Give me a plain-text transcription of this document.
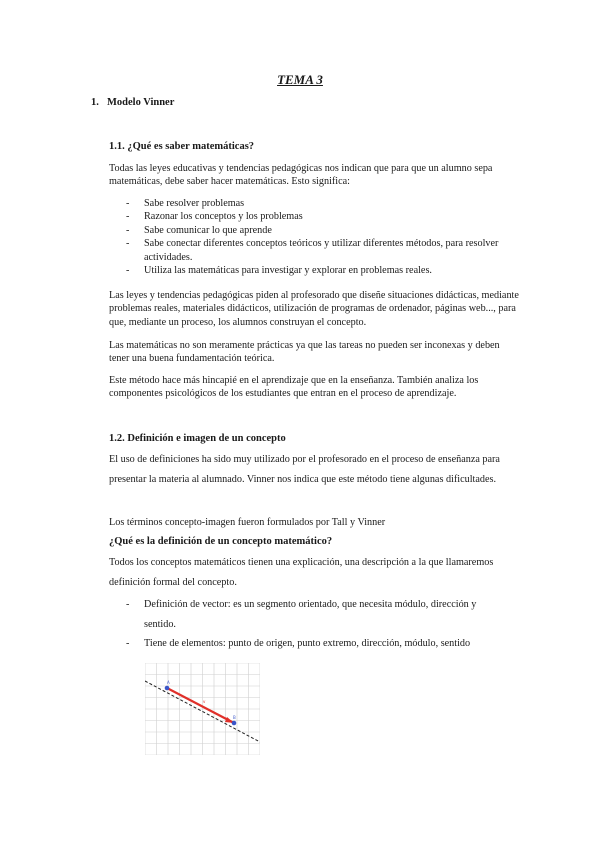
TEMA 3
1. Modelo Vinner
1.1. ¿Qué es saber matemáticas?

Todas las leyes educativas y tendencias pedagógicas nos indican que para que un alumno sepa matemáticas, debe saber hacer matemáticas. Esto significa:

- Sabe resolver problemas
- Razonar los conceptos y los problemas
- Sabe comunicar lo que aprende
- Sabe conectar diferentes conceptos teóricos y utilizar diferentes métodos, para resolver actividades.
- Utiliza las matemáticas para investigar y explorar en problemas reales.

Las leyes y tendencias pedagógicas piden al profesorado que diseñe situaciones didácticas, mediante problemas reales, materiales didácticos, utilización de programas de ordenador, páginas web..., para que, mediante un proceso, los alumnos construyan el concepto.

Las matemáticas no son meramente prácticas ya que las tareas no pueden ser inconexas y deben tener una buena fundamentación teórica.

Este método hace más hincapié en el aprendizaje que en la enseñanza. También analiza los componentes psicológicos de los estudiantes que entran en el proceso de aprendizaje.

1.2. Definición e imagen de un concepto

El uso de definiciones ha sido muy utilizado por el profesorado en el proceso de enseñanza para presentar la materia al alumnado. Vinner nos indica que este método tiene algunas dificultades.

Los términos concepto-imagen fueron formulados por Tall y Vinner

¿Qué es la definición de un concepto matemático?

Todos los conceptos matemáticos tienen una explicación, una descripción a la que llamaremos definición formal del concepto.

- Definición de vector: es un segmento orientado, que necesita módulo, dirección y sentido.
- Tiene de elementos: punto de origen, punto extremo, dirección, módulo, sentido
A
B
v
